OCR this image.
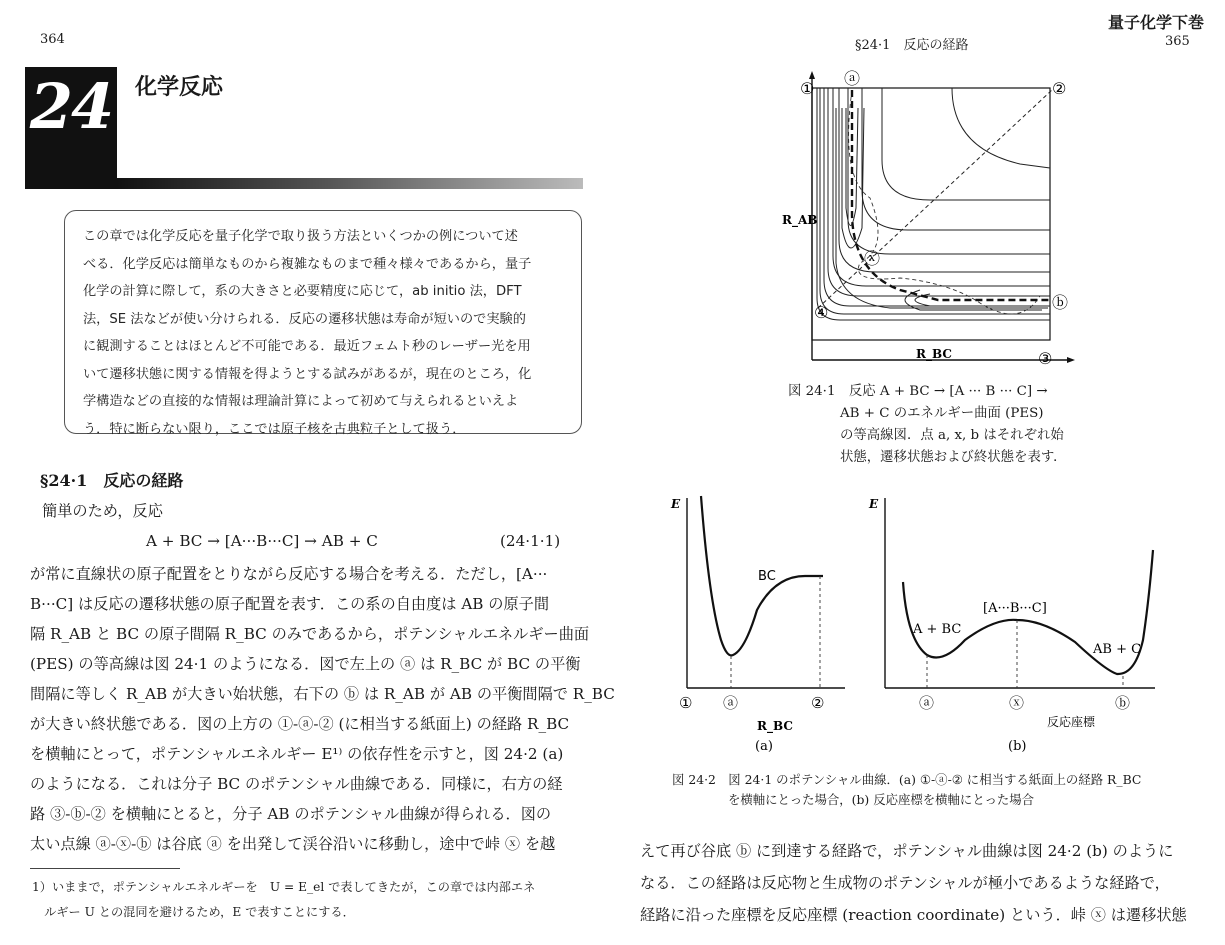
364
24 化学反応

この章では化学反応を量子化学で取り扱う方法といくつかの例について述

べる．化学反応は簡単なものから複雑なものまで種々様々であるから，量子

化学の計算に際して，系の大きさと必要精度に応じて，ab initio 法，DFT

法，SE 法などが使い分けられる．反応の遷移状態は寿命が短いので実験的

に観測することはほとんど不可能である．最近フェムト秒のレーザー光を用

いて遷移状態に関する情報を得ようとする試みがあるが，現在のところ，化

学構造などの直接的な情報は理論計算によって初めて与えられるといえよ

う．特に断らない限り，ここでは原子核を古典粒子として扱う．

§24·1　反応の経路
簡単のため，反応
A + BC → [A···B···C] → AB + C	(24·1·1)
が常に直線状の原子配置をとりながら反応する場合を考える．ただし，[A···
B···C] は反応の遷移状態の原子配置を表す．この系の自由度は AB の原子間
隔 R_AB と BC の原子間隔 R_BC のみであるから，ポテンシャルエネルギー曲面
(PES) の等高線は図 24·1 のようになる．図で左上の ⓐ は R_BC が BC の平衡
間隔に等しく R_AB が大きい始状態，右下の ⓑ は R_AB が AB の平衡間隔で R_BC
が大きい終状態である．図の上方の ①-ⓐ-② (に相当する紙面上) の経路 R_BC
を横軸にとって，ポテンシャルエネルギー E¹⁾ の依存性を示すと，図 24·2 (a)
のようになる．これは分子 BC のポテンシャル曲線である．同様に，右方の経
路 ③-ⓑ-② を横軸にとると，分子 AB のポテンシャル曲線が得られる．図の
太い点線 ⓐ-ⓧ-ⓑ は谷底 ⓐ を出発して渓谷沿いに移動し，途中で峠 ⓧ を越
1）いままで，ポテンシャルエネルギーを　U = E_el で表してきたが，この章では内部エネ
　ルギー U との混同を避けるため，E で表すことにする．
量子化学下巻
§24·1　反応の経路	365
①	②
③
④
ⓐ
ⓑ
ⓧ
R_AB
R_BC
図 24·1　反応 A + BC → [A ··· B ··· C] →
AB + C のエネルギー曲面 (PES)
の等高線図．点 a, x, b はそれぞれ始
状態，遷移状態および終状態を表す．
E
BC
① ⓐ	②
R_BC
(a)
E
A + BC
[A···B···C]
AB + C
ⓐ	ⓧ	ⓑ
反応座標
(b)
図 24·2　図 24·1 のポテンシャル曲線．(a) ①-ⓐ-② に相当する紙面上の経路 R_BC
を横軸にとった場合，(b) 反応座標を横軸にとった場合
えて再び谷底 ⓑ に到達する経路で，ポテンシャル曲線は図 24·2 (b) のように
なる．この経路は反応物と生成物のポテンシャルが極小であるような経路で，
経路に沿った座標を反応座標 (reaction coordinate) という．峠 ⓧ は遷移状態
